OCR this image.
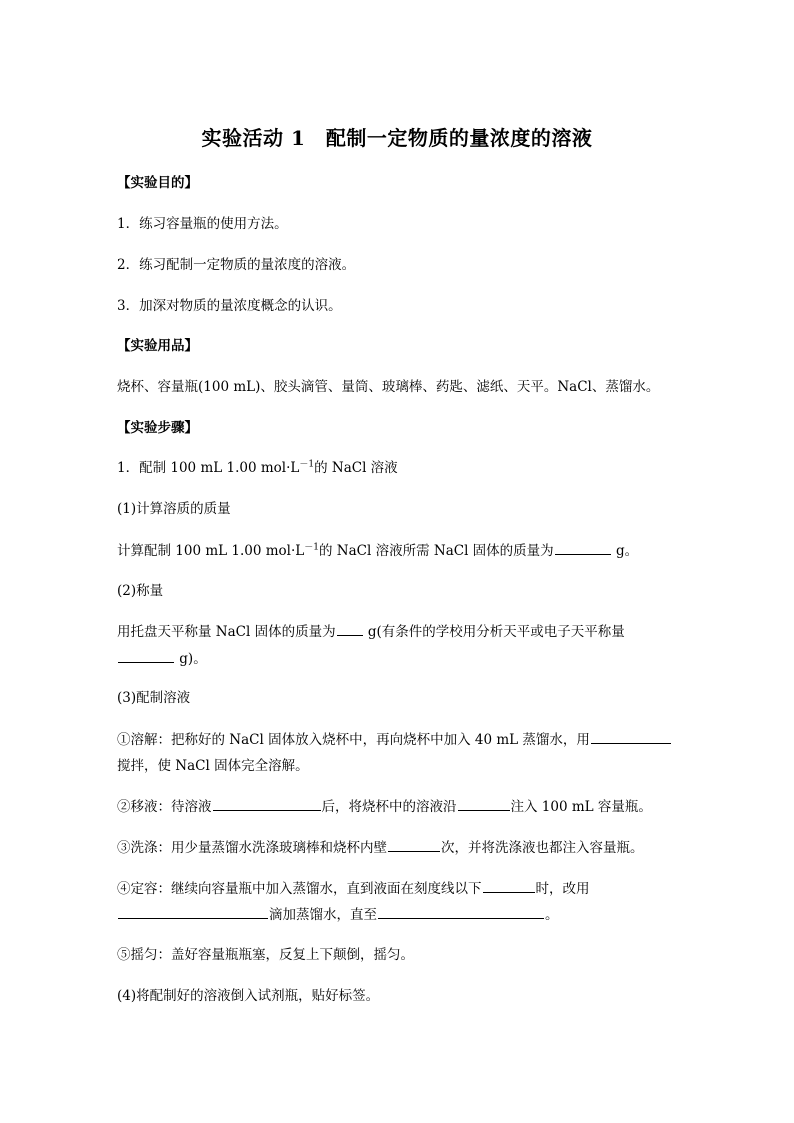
实验活动 1　配制一定物质的量浓度的溶液
【实验目的】
1．练习容量瓶的使用方法。
2．练习配制一定物质的量浓度的溶液。
3．加深对物质的量浓度概念的认识。
【实验用品】
烧杯、容量瓶(100 mL)、胶头滴管、量筒、玻璃棒、药匙、滤纸、天平。NaCl、蒸馏水。
【实验步骤】
1．配制 100 mL 1.00 $mol\cdot L^{-1}$的 NaCl 溶液
(1)计算溶质的质量
计算配制 100 mL 1.00 $mol\cdot L^{-1}$的 NaCl 溶液所需 NaCl 固体的质量为	g。
(2)称量
用托盘天平称量 NaCl 固体的质量为 g(有条件的学校用分析天平或电子天平称量
g)。
(3)配制溶液
①溶解：把称好的 NaCl 固体放入烧杯中，再向烧杯中加入 40 mL 蒸馏水，用
搅拌，使 NaCl 固体完全溶解。
②移液：待溶液	后，将烧杯中的溶液沿	注入 100 mL 容量瓶。
③洗涤：用少量蒸馏水洗涤玻璃棒和烧杯内壁	次，并将洗涤液也都注入容量瓶。
④定容：继续向容量瓶中加入蒸馏水，直到液面在刻度线以下	时，改用
滴加蒸馏水，直至	。
⑤摇匀：盖好容量瓶瓶塞，反复上下颠倒，摇匀。
(4)将配制好的溶液倒入试剂瓶，贴好标签。
